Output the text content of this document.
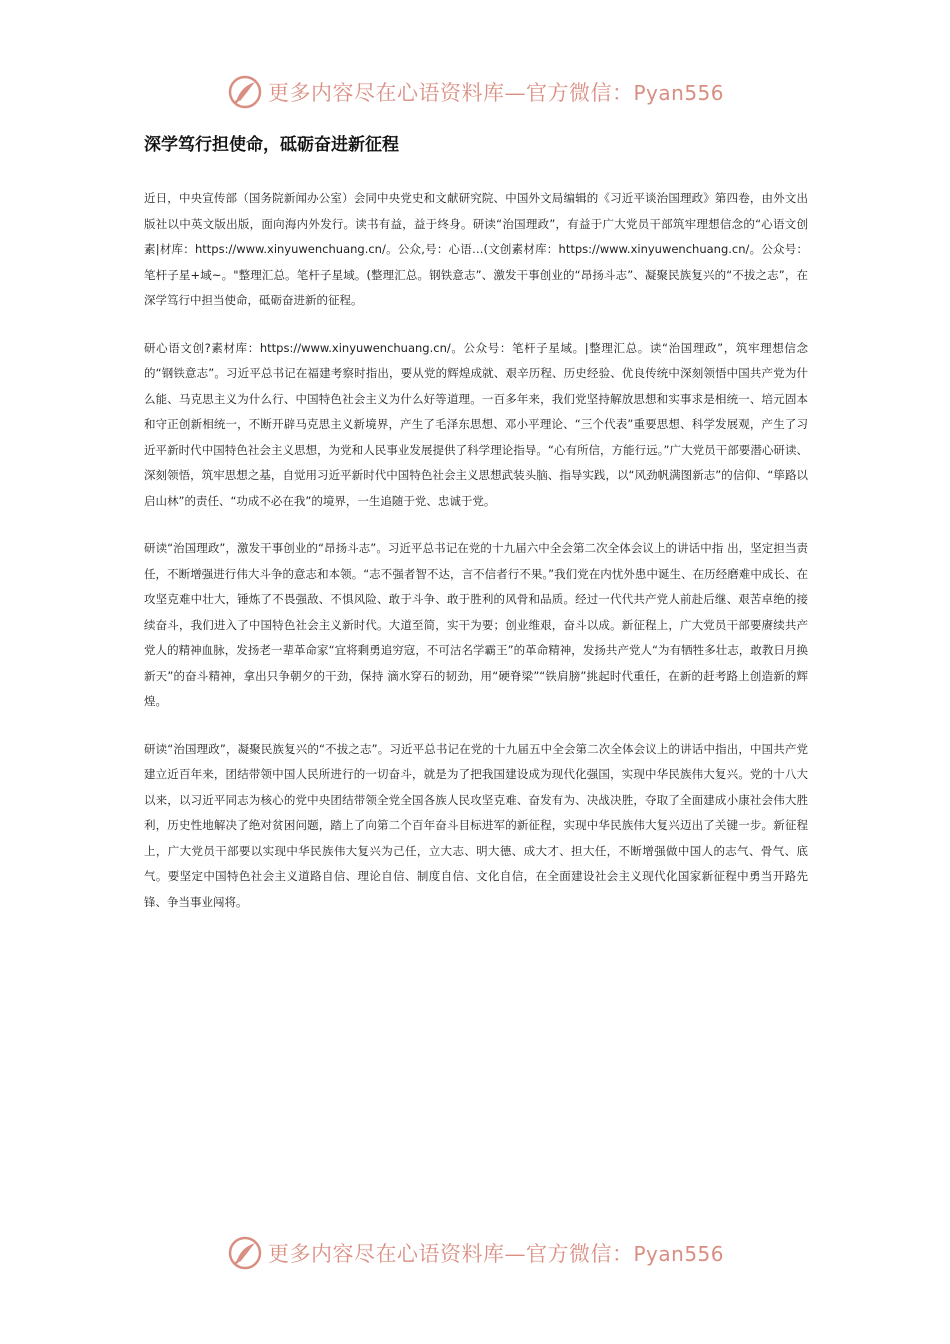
更多内容尽在心语资料库—官方微信：Pyan556
深学笃行担使命，砥砺奋进新征程

近日，中央宣传部（国务院新闻办公室）会同中央党史和文献研究院、中国外文局编辑的《习近平谈治国理政》第四卷，由外文出版社以中英文版出版，面向海内外发行。读书有益，益于终身。研读“治国理政”，有益于广大党员干部筑牢理想信念的“心语文创素|材库：https://www.xinyuwenchuang.cn/。公众,号：心语…(文创素材库：https://www.xinyuwenchuang.cn/。公众号：笔杆子星+域~。"整理汇总。笔杆子星域。(整理汇总。钢铁意志”、激发干事创业的“昂扬斗志”、凝聚民族复兴的“不拔之志”，在深学笃行中担当使命，砥砺奋进新的征程。

研心语文创?素材库：https://www.xinyuwenchuang.cn/。公众号：笔杆子星域。|整理汇总。读“治国理政”，筑牢理想信念的“钢铁意志”。习近平总书记在福建考察时指出，要从党的辉煌成就、艰辛历程、历史经验、优良传统中深刻领悟中国共产党为什么能、马克思主义为什么行、中国特色社会主义为什么好等道理。一百多年来，我们党坚持解放思想和实事求是相统一、培元固本和守正创新相统一，不断开辟马克思主义新境界，产生了毛泽东思想、邓小平理论、“三个代表”重要思想、科学发展观，产生了习近平新时代中国特色社会主义思想，为党和人民事业发展提供了科学理论指导。“心有所信，方能行远。”广大党员干部要潜心研读、深刻领悟，筑牢思想之基，自觉用习近平新时代中国特色社会主义思想武装头脑、指导实践，以“风劲帆满图新志”的信仰、“筚路以启山林”的责任、“功成不必在我”的境界，一生追随于党、忠诚于党。

研读“治国理政”，激发干事创业的“昂扬斗志”。习近平总书记在党的十九届六中全会第二次全体会议上的讲话中指 出，坚定担当责任，不断增强进行伟大斗争的意志和本领。“志不强者智不达，言不信者行不果。”我们党在内忧外患中诞生、在历经磨难中成长、在攻坚克难中壮大，锤炼了不畏强敌、不惧风险、敢于斗争、敢于胜利的风骨和品质。经过一代代共产党人前赴后继、艰苦卓绝的接续奋斗，我们进入了中国特色社会主义新时代。大道至简，实干为要；创业维艰，奋斗以成。新征程上，广大党员干部要赓续共产党人的精神血脉，发扬老一辈革命家“宜将剩勇追穷寇，不可沽名学霸王”的革命精神，发扬共产党人“为有牺牲多壮志，敢教日月换新天”的奋斗精神，拿出只争朝夕的干劲，保持 滴水穿石的韧劲，用“硬脊梁”“铁肩膀”挑起时代重任，在新的赶考路上创造新的辉煌。

研读“治国理政”，凝聚民族复兴的“不拔之志”。习近平总书记在党的十九届五中全会第二次全体会议上的讲话中指出，中国共产党建立近百年来，团结带领中国人民所进行的一切奋斗，就是为了把我国建设成为现代化强国，实现中华民族伟大复兴。党的十八大以来，以习近平同志为核心的党中央团结带领全党全国各族人民攻坚克难、奋发有为、决战决胜，夺取了全面建成小康社会伟大胜利，历史性地解决了绝对贫困问题，踏上了向第二个百年奋斗目标进军的新征程，实现中华民族伟大复兴迈出了关键一步。新征程上，广大党员干部要以实现中华民族伟大复兴为己任，立大志、明大德、成大才、担大任，不断增强做中国人的志气、骨气、底气。要坚定中国特色社会主义道路自信、理论自信、制度自信、文化自信，在全面建设社会主义现代化国家新征程中勇当开路先锋、争当事业闯将。

更多内容尽在心语资料库—官方微信：Pyan556
